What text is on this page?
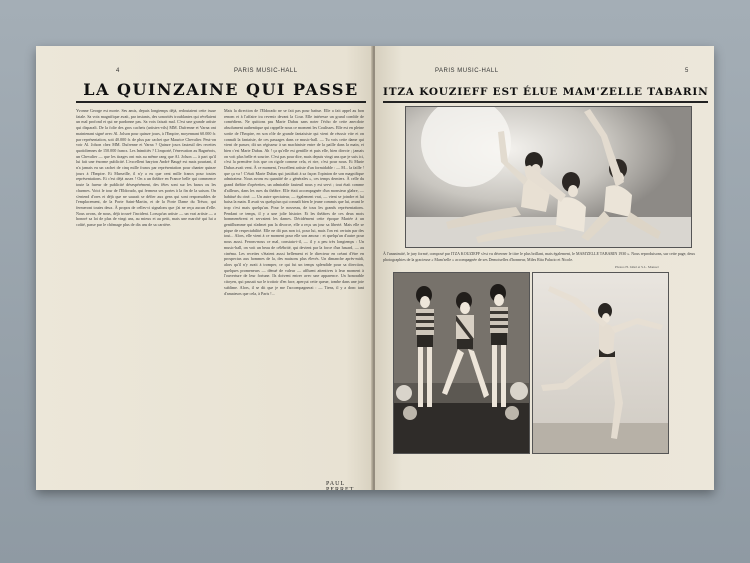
4	PARIS MUSIC-HALL
LA QUINZAINE QUI PASSE
Yvonne George est morte. Ses amis, depuis longtemps déjà, redoutaient cette issue fatale. Sa voix magnifique avait, par instants, des sonorités troublantes qui révélaient un mal profond et qui ne pardonne pas. Sa voix faisait mal. C'est une grande artiste qui disparaît. De la folie des gros cachets (artistes-vils) MM. Dufrenne et Varna ont maintenant signé avec Al. Jolson pour quinze jours, à l'Empire, moyennant 60.000 fr. par représentation, soit 40.000 fr. de plus par cachet que Maurice Chevalier. Peut-on voir Al. Jolson chez MM. Dufrenne et Varna ? Quinze jours fauteuil des recettes quotidiennes de 150.000 francs. Les Inimitiés ? L'importé, l'énervation au Bagnérois, un Chevalier — que les tirages ont mis au même rang que Al. Jolson — à part qu'il lui fait une énorme publicité. L'excellent baryton André Baugé est mais pourtant, il n'a jamais eu un cachet de cinq mille francs par représentation pour chanter quinze jours à l'Empire. Et Marseille, il n'y a eu que cent mille francs pour toutes représentations. Et c'est déjà assez ! On a un théâtre en France belle qui commence toute la fureur de publicité désespérément, des fêtes sont sur les bancs ou les charmes. Voici le tour de l'Eldorado, qui fermera ses portes à la fin de la saison. On s'entend d'ores et déjà que ne saurait se défier aux gens qui sont responsables de l'emplacement, de la Porte Saint-Martin, et de la Porte Dame du Trésor, qui fermeront toutes deux. À propos de celles-ci signalons que j'ai ne reçu aucun d'elle. Nous avons, de nous, déjà trouvé l'incident. Lorsqu'un artiste — un vrai artiste — a honoré sa loi de plus de vingt ans, au mieux et au petit, mais une marché qui lui a coûté, passe par le chômage plus de dix ans de sa carrière.
Mais la direction de l'Eldorado ne se fait pas pour battue. Elle a fait appel au bon renom et à l'affaire ira revenir devant la Cour. Elle intéresse un grand comble de comédiens. Ne quittons pas Marie Dubas sans noter l'écho de cette anecdote absolument authentique qui rappelle nous ce moment les Coulisses. Elle est en pleine sortie de l'Empire, en son rôle de grande fantaisiste qui vient de réussir vite et on connaît la fantaisie, de ces passages dans ce music-hall. — Tu vois cette dame qui vient de passer, dit un régisseur à un machiniste entre de la paille dans la main, et bien c'est Marie Dubas. Ah ! ça qu'elle est gentille et puis elle, bien directe ; jamais on voit plus belle et sourire. C'est pas pour dire, mais depuis vingt ans que je suis ici, c'est la première fois que on rigole comme cela, et rire, c'est pour nous. Et Marie Dubas avait vent. À ce moment, l'excellent artiste d'un formidable : — M... la faille ! que ça va ! C'était Marie Dubas qui justifiait à sa façon l'opinion de son magnifique admirateur. Nous avons eu quantité de « générales », ces temps derniers. À celle du grand théâtre d'opérettes, un admirable fauteuil nous y est servi ; tout était comme d'ailleurs, dans les rues du théâtre. Elle était accompagnée d'un monsieur glabre, — habitué du ciné. — Un autre spectateur, — également vrai, — vient se joindre et lui baisa la main. Il avait vu quelqu'un qui connaît bien le jeune commis que lui, avant le trop c'est mais quelqu'un. Pour le nouveau, de tous les grands représentations. Pendant ce temps, il y a une jolie histoire. Et les théâtres de ces deux mois hommenéirent et servaient les dames. Décidément cette époque Mariée à un gentilhomme qui n'admet pas la divorce, elle a reçu un jour sa liberté. Mais elle se pique de respectabilité. Elle ne dit pas non ici, pour lui, mais l'on est certain par des tout... Alors, elle vient à ce moment pour elle son amour : et quelqu'un d'autre pour nous aussi. Ferons-nous ce mal, constata-t-il, — il y a peu très longtemps : Un music-hall, on voit un beau de célébrité, qui devient par la force d'un hasard, — au cinéma. Les recettes s'étaient aussi bellement et le directeur en créant d'être en prospectus aux hommes de la, des maisons plus élevés. Un dimanche après-midi, alors qu'il n'y avait à tromper, ce qui fut un temps splendide pour sa direction, quelques promeneurs — dénué de valeur — affluent attentives à leur moment à l'ouverture de leur fortune. Ils doivent entrer avec une apparence. Un honorable citoyen, qui passait sur le trottoir d'en face, aperçut cette queue, tombe dans une joie sublime. Alors, il se dit que je me l'accompagnerai : — Tiens, il y a donc tant d'amateurs que cela, à Paris !...
PAUL PERRET.
PARIS MUSIC-HALL	5
ITZA KOUZIEFF EST ÉLUE MAM'ZELLE TABARIN
À l'unanimité, le jury formé, composé par ITZA KOUZIEFF s'est vu décerner le titre le plus brillant, mais également, le MAM'ZELLE TABARIN 1930 ». Nous reproduisons, sur cette page, deux photographies de la gracieuse « Mam'zelle » accompagnée de ses Demoiselles d'honneur, Miles Rita Palacio et Nicole.
Photos H. Iddel et S.L. Manuel
